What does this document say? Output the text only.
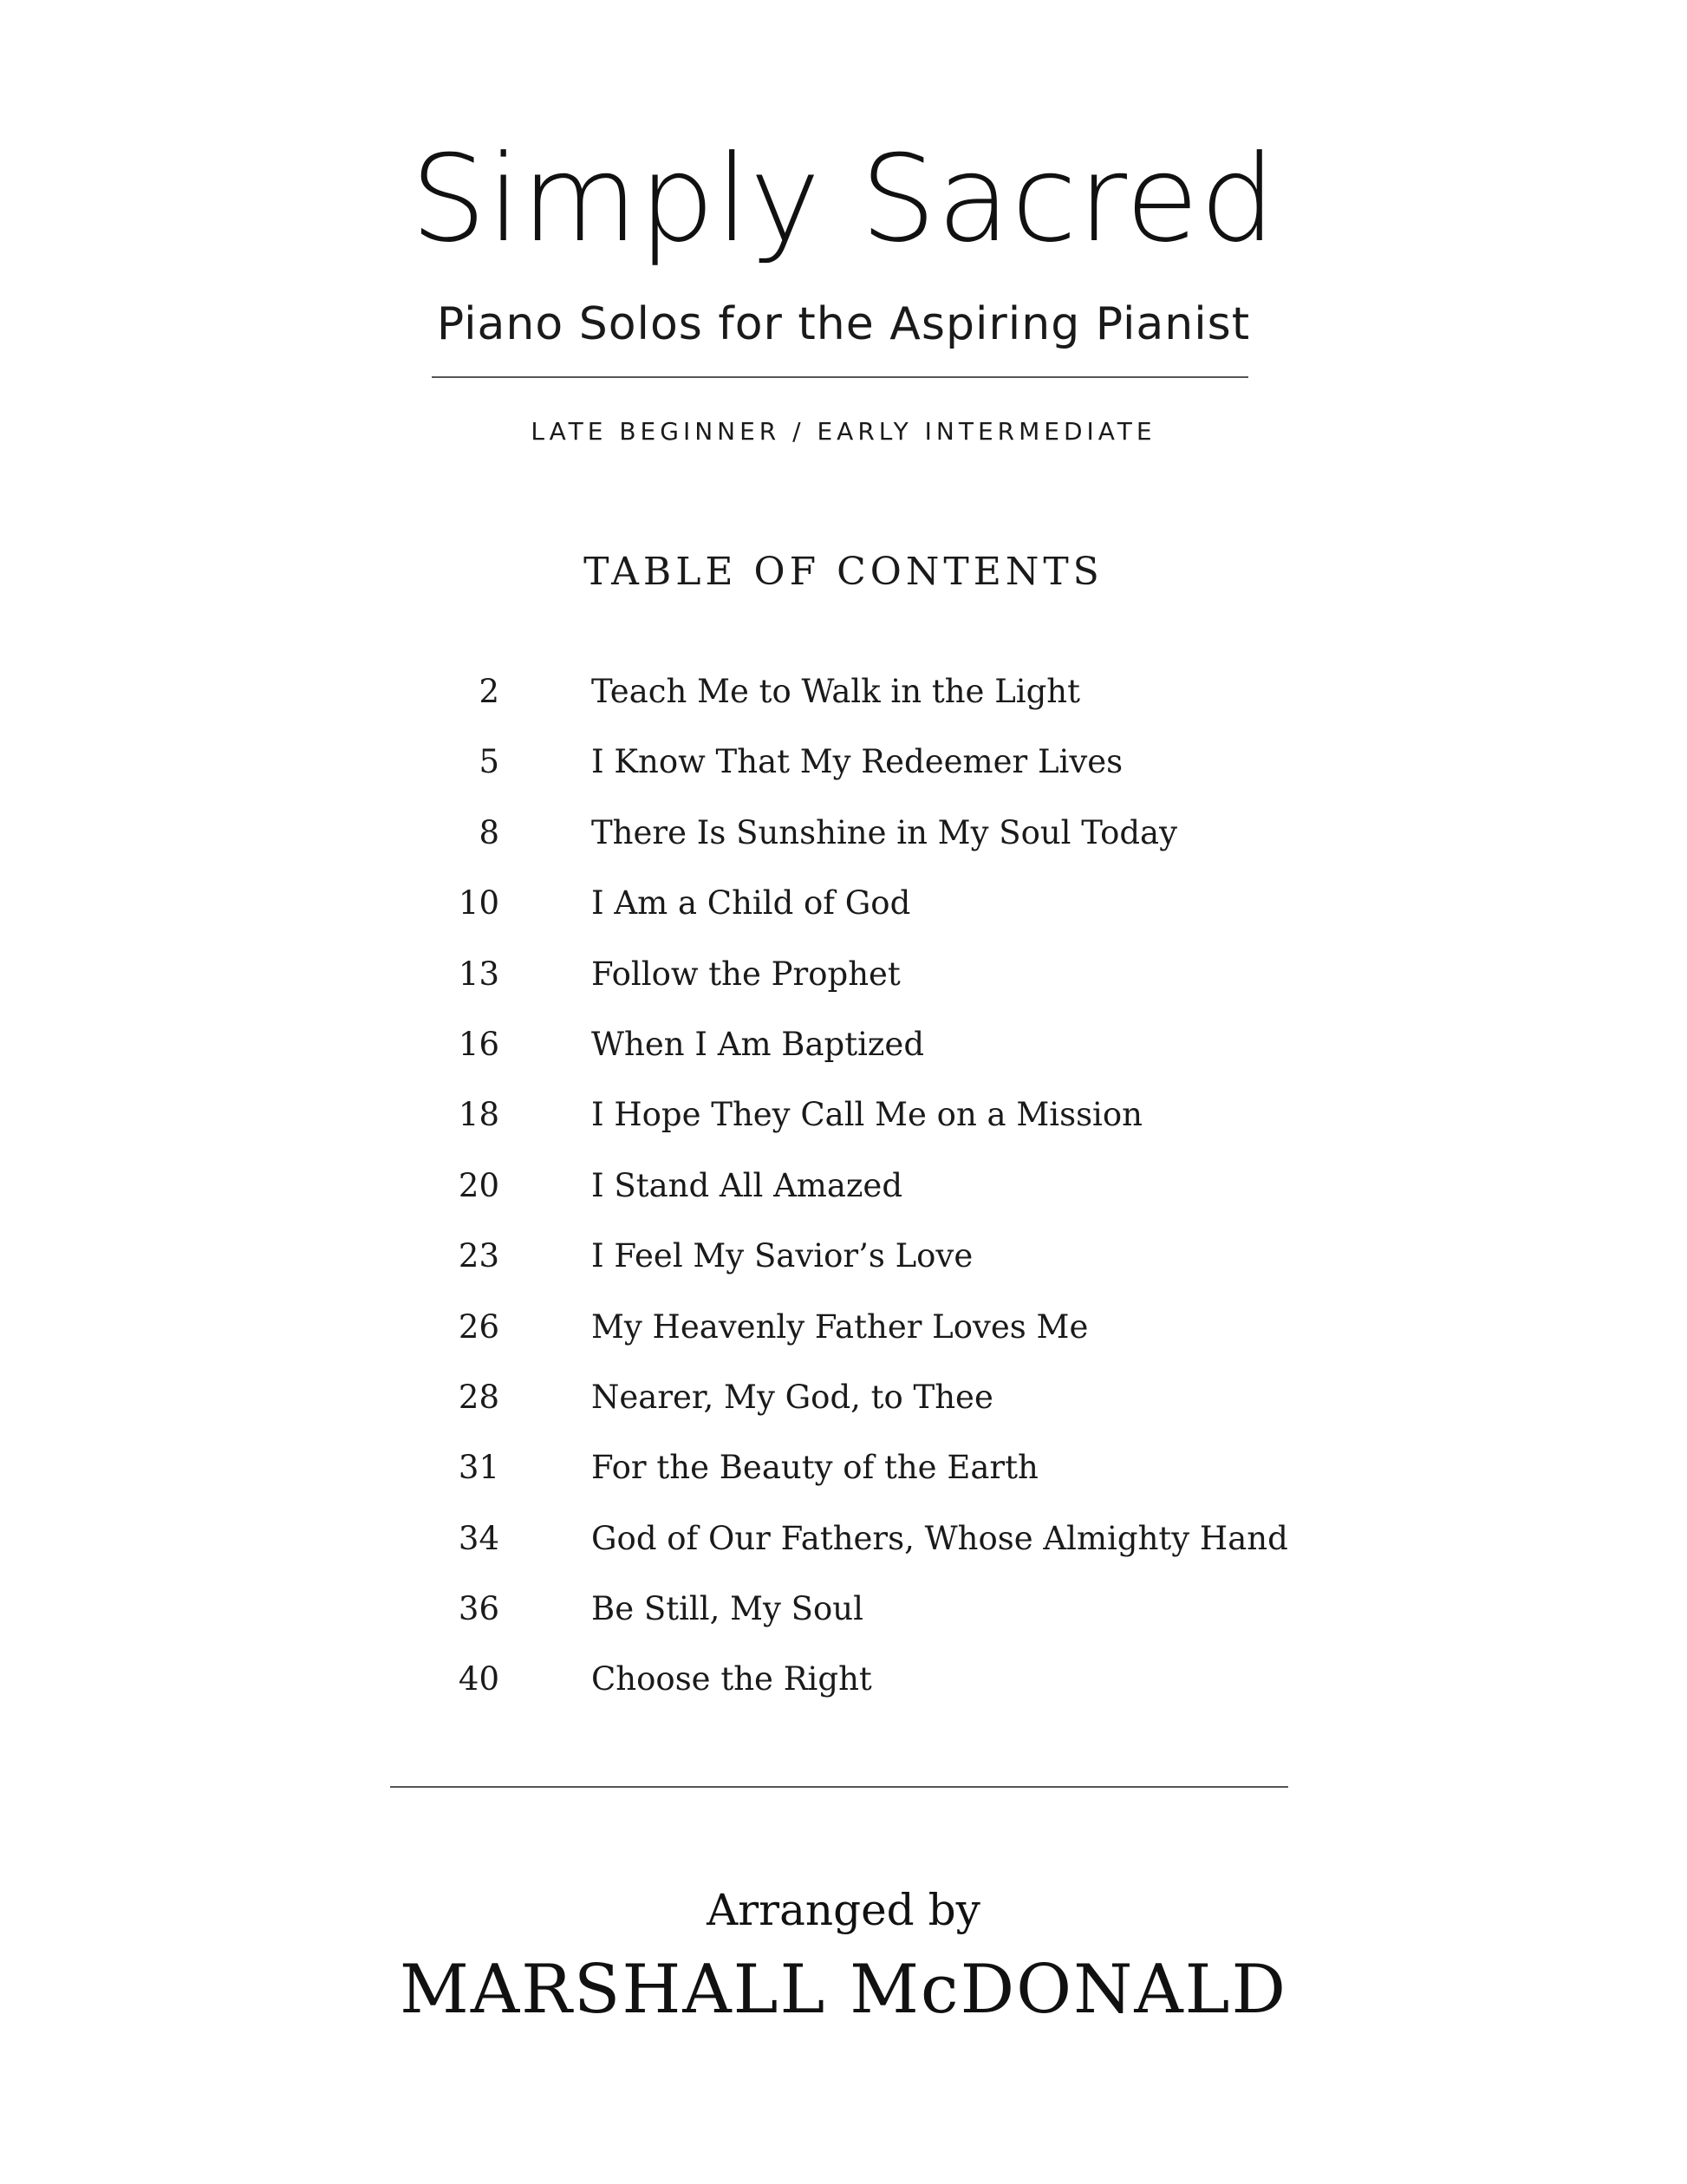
Simply Sacred
Piano Solos for the Aspiring Pianist
LATE BEGINNER / EARLY INTERMEDIATE
TABLE OF CONTENTS
2	Teach Me to Walk in the Light
5	I Know That My Redeemer Lives
8	There Is Sunshine in My Soul Today
10	I Am a Child of God
13	Follow the Prophet
16	When I Am Baptized
18	I Hope They Call Me on a Mission
20	I Stand All Amazed
23	I Feel My Savior’s Love
26	My Heavenly Father Loves Me
28	Nearer, My God, to Thee
31	For the Beauty of the Earth
34	God of Our Fathers, Whose Almighty Hand
36	Be Still, My Soul
40	Choose the Right
Arranged by
MARSHALL McDONALD
